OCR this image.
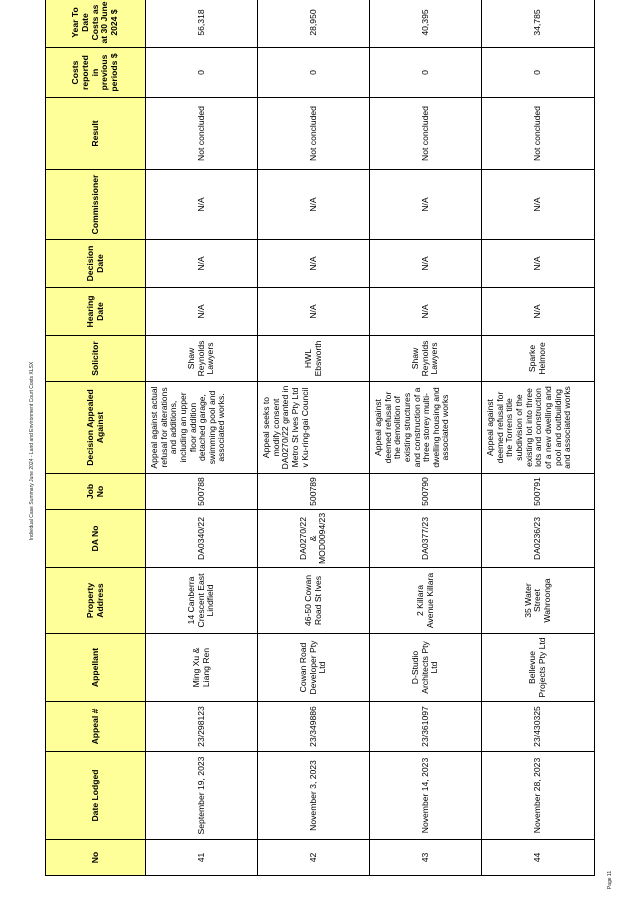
Individual Case Summary June 2024 - Land and Environment Court Costs XLSX
No	Date Lodged	Appeal #	Appellant	Property Address	DA No	Job No	Decision Appealed Against	Solicitor	Hearing Date	Decision Date	Commissioner	Result	Costs reported in previous periods $	Year To Date Costs as at 30 June 2024 $
41	September 19, 2023	23/298123	Ming Xu & Liang Ren	14 Canberra Crescent East Lindfield	DA0340/22	500788	Appeal against actual refusal for alterations and additions, including an upper floor addition detached garage, swimming pool and associated works.	Shaw Reynolds Lawyers	N/A	N/A	N/A	Not concluded	0	56,318
42	November 3, 2023	23/349886	Cowan Road Developer Pty Ltd	46-50 Cowan Road St Ives	DA0270/22 & MOD0094/23	500789	Appeal seeks to modify consent DA0270/22 granted in Metro St Ives Pty Ltd v Ku-ring-gai Council	HWL Ebsworth	N/A	N/A	N/A	Not concluded	0	28,950
43	November 14, 2023	23/361097	D-Studio Architects Pty Ltd	2 Killara Avenue Killara	DA0377/23	500790	Appeal against deemed refusal for the demolition of existing structures and construction of a three storey multi-dwelling housing and associated works	Shaw Reynolds Lawyers	N/A	N/A	N/A	Not concluded	0	40,395
44	November 28, 2023	23/430325	Bellevue Projects Pty Ltd	35 Water Street Wahroonga	DA0236/23	500791	Appeal against deemed refusal for the Torrens title subdivision of the existing lot into three lots and construction of a new dwelling and pool and outbuilding and associated works	Sparke Helmore	N/A	N/A	N/A	Not concluded	0	34,785
Page 11
